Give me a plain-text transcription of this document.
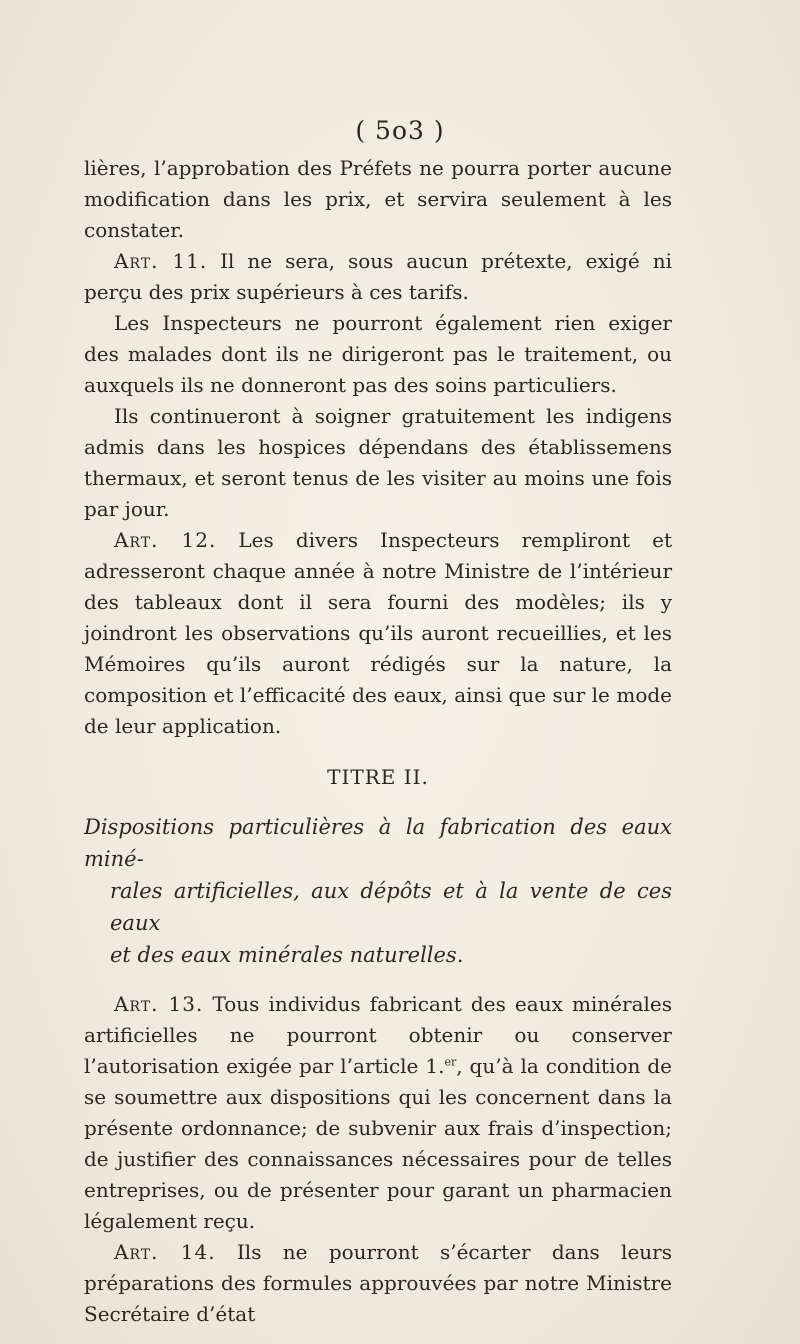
( 5o3 )

lières, l’approbation des Préfets ne pourra porter aucune modification dans les prix, et servira seulement à les constater.

Art. 11. Il ne sera, sous aucun prétexte, exigé ni perçu des prix supérieurs à ces tarifs.

Les Inspecteurs ne pourront également rien exiger des malades dont ils ne dirigeront pas le traitement, ou auxquels ils ne donneront pas des soins particuliers.

Ils continueront à soigner gratuitement les indigens admis dans les hospices dépendans des établissemens thermaux, et seront tenus de les visiter au moins une fois par jour.

Art. 12. Les divers Inspecteurs rempliront et adresseront chaque année à notre Ministre de l’intérieur des tableaux dont il sera fourni des modèles; ils y joindront les observations qu’ils auront recueillies, et les Mémoires qu’ils auront rédigés sur la nature, la composition et l’efficacité des eaux, ainsi que sur le mode de leur application.

TITRE II.

Dispositions particulières à la fabrication des eaux miné-
rales artificielles, aux dépôts et à la vente de ces eaux
et des eaux minérales naturelles.

Art. 13. Tous individus fabricant des eaux minérales artificielles ne pourront obtenir ou conserver l’autorisation exigée par l’article 1.$^{er}$, qu’à la condition de se soumettre aux dispositions qui les concernent dans la présente ordonnance; de subvenir aux frais d’inspection; de justifier des connaissances nécessaires pour de telles entreprises, ou de présenter pour garant un pharmacien légalement reçu.

Art. 14. Ils ne pourront s’écarter dans leurs préparations des formules approuvées par notre Ministre Secrétaire d’état
